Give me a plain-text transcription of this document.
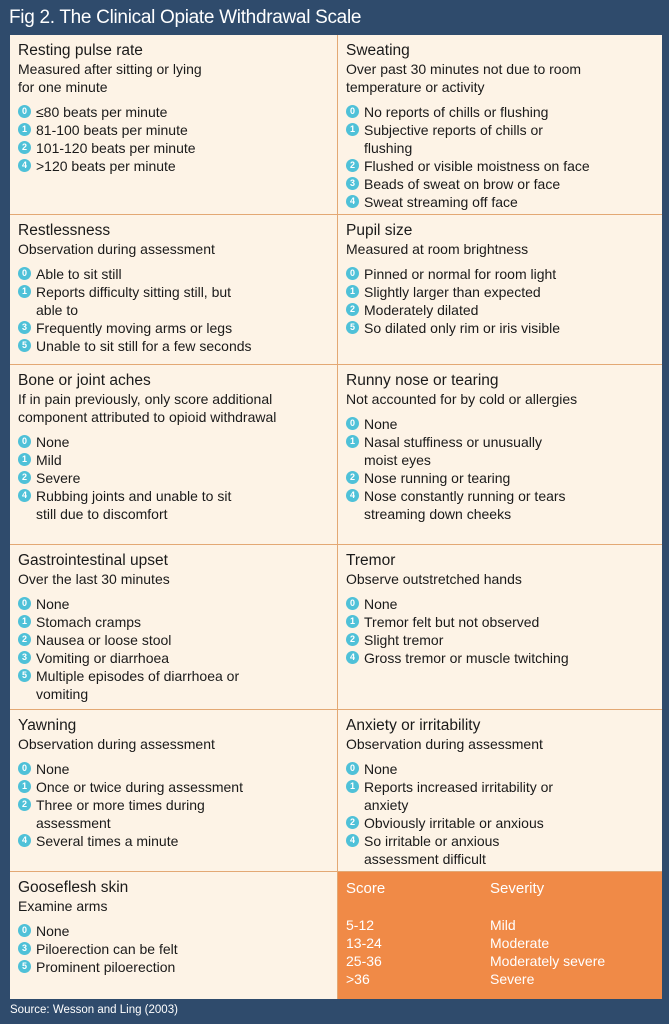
Fig 2. The Clinical Opiate Withdrawal Scale
Resting pulse rate
Measured after sitting or lying for one minute
0 ≤80 beats per minute
1 81-100 beats per minute
2 101-120 beats per minute
4 >120 beats per minute
Sweating
Over past 30 minutes not due to room temperature or activity
0 No reports of chills or flushing
1 Subjective reports of chills or flushing
2 Flushed or visible moistness on face
3 Beads of sweat on brow or face
4 Sweat streaming off face
Restlessness
Observation during assessment
0 Able to sit still
1 Reports difficulty sitting still, but able to
3 Frequently moving arms or legs
5 Unable to sit still for a few seconds
Pupil size
Measured at room brightness
0 Pinned or normal for room light
1 Slightly larger than expected
2 Moderately dilated
5 So dilated only rim or iris visible
Bone or joint aches
If in pain previously, only score additional component attributed to opioid withdrawal
0 None
1 Mild
2 Severe
4 Rubbing joints and unable to sit still due to discomfort
Runny nose or tearing
Not accounted for by cold or allergies
0 None
1 Nasal stuffiness or unusually moist eyes
2 Nose running or tearing
4 Nose constantly running or tears streaming down cheeks
Gastrointestinal upset
Over the last 30 minutes
0 None
1 Stomach cramps
2 Nausea or loose stool
3 Vomiting or diarrhoea
5 Multiple episodes of diarrhoea or vomiting
Tremor
Observe outstretched hands
0 None
1 Tremor felt but not observed
2 Slight tremor
4 Gross tremor or muscle twitching
Yawning
Observation during assessment
0 None
1 Once or twice during assessment
2 Three or more times during assessment
4 Several times a minute
Anxiety or irritability
Observation during assessment
0 None
1 Reports increased irritability or anxiety
2 Obviously irritable or anxious
4 So irritable or anxious assessment difficult
Gooseflesh skin
Examine arms
0 None
3 Piloerection can be felt
5 Prominent piloerection
Score	Severity
5-12	Mild
13-24	Moderate
25-36	Moderately severe
>36	Severe
Source: Wesson and Ling (2003)
